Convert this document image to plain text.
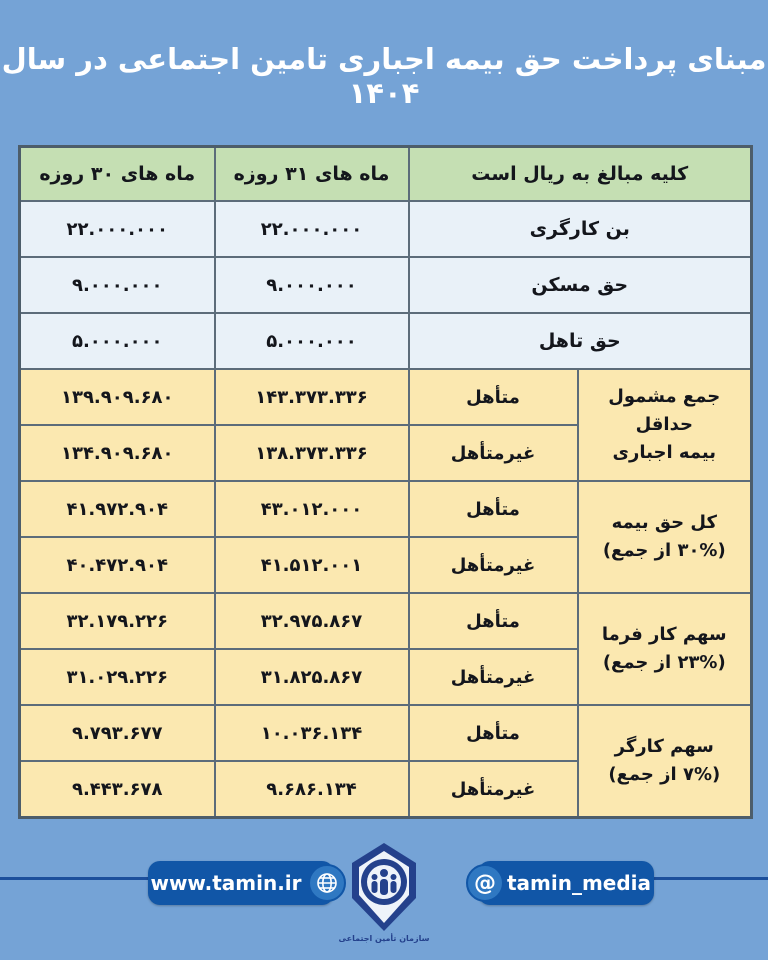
مبنای پرداخت حق بیمه اجباری تامین اجتماعی در سال ۱۴۰۴
کلیه مبالغ به ریال است		ماه های ۳۱ روزه	ماه های ۳۰ روزه
بن کارگری		۲۲.۰۰۰.۰۰۰	۲۲.۰۰۰.۰۰۰
حق مسکن		۹.۰۰۰.۰۰۰	۹.۰۰۰.۰۰۰
حق تاهل		۵.۰۰۰.۰۰۰	۵.۰۰۰.۰۰۰

جمع مشمول حداقل
بیمه اجباری	متأهل	۱۴۳.۳۷۳.۳۳۶	۱۳۹.۹۰۹.۶۸۰
	غیرمتأهل	۱۳۸.۳۷۳.۳۳۶	۱۳۴.۹۰۹.۶۸۰

کل حق بیمه
(۳۰% از جمع)	متأهل	۴۳.۰۱۲.۰۰۰	۴۱.۹۷۲.۹۰۴
	غیرمتأهل	۴۱.۵۱۲.۰۰۱	۴۰.۴۷۲.۹۰۴

سهم کار فرما
(۲۳% از جمع)	متأهل	۳۲.۹۷۵.۸۶۷	۳۲.۱۷۹.۲۲۶
	غیرمتأهل	۳۱.۸۲۵.۸۶۷	۳۱.۰۲۹.۲۲۶

سهم کارگر
(۷% از جمع)	متأهل	۱۰.۰۳۶.۱۳۴	۹.۷۹۳.۶۷۷
	غیرمتأهل	۹.۶۸۶.۱۳۴	۹.۴۴۳.۶۷۸
www.tamin.ir	@ tamin_media
سازمان تأمین اجتماعی
